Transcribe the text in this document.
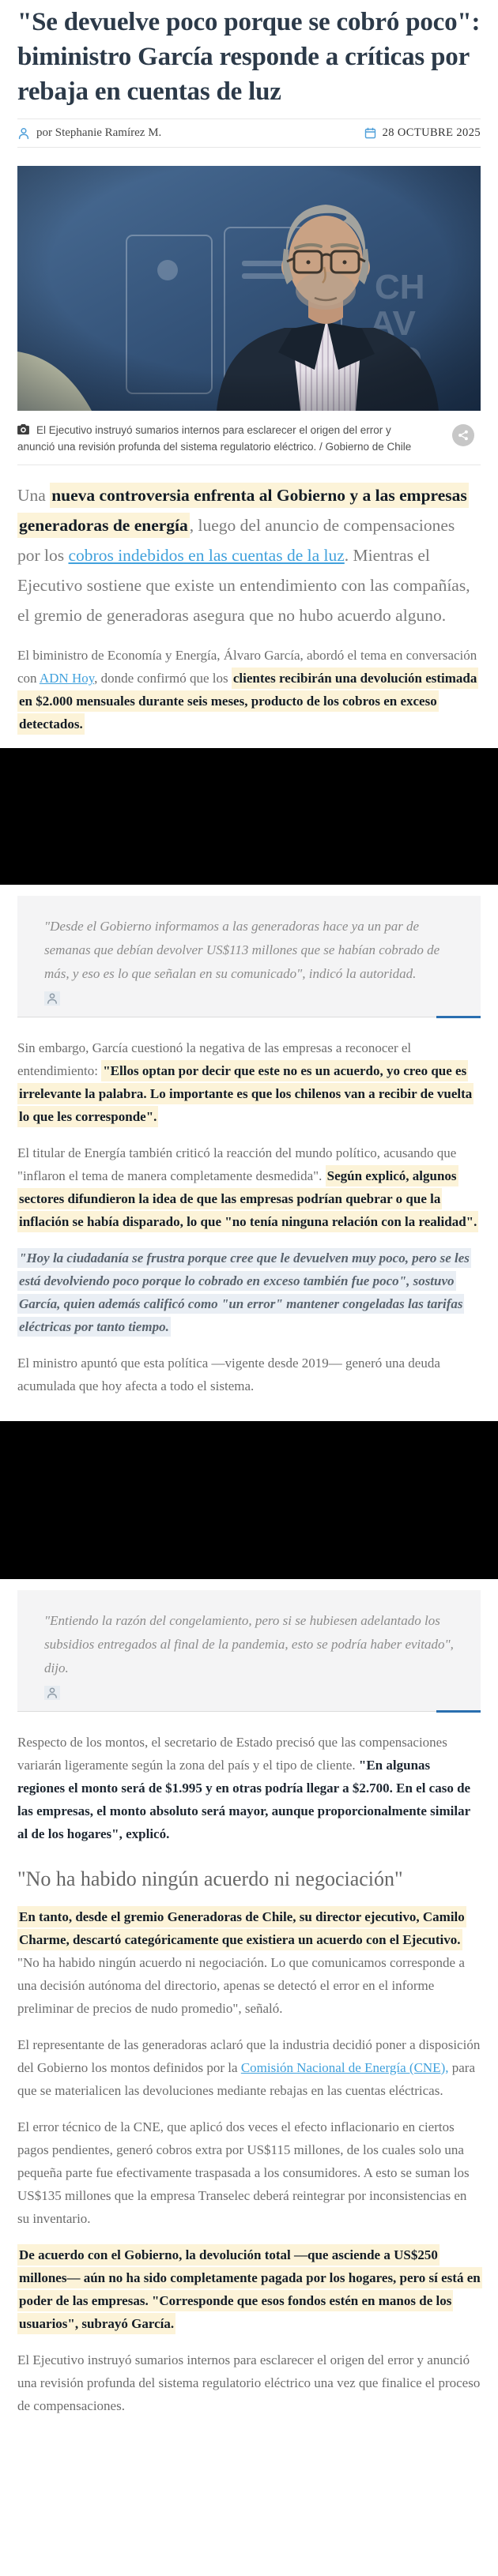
"Se devuelve poco porque se cobró poco": biministro García responde a críticas por rebaja en cuentas de luz
por Stephanie Ramírez M.	28 OCTUBRE 2025
El Ejecutivo instruyó sumarios internos para esclarecer el origen del error y anunció una revisión profunda del sistema regulatorio eléctrico. / Gobierno de Chile

Una nueva controversia enfrenta al Gobierno y a las empresas generadoras de energía, luego del anuncio de compensaciones por los cobros indebidos en las cuentas de la luz. Mientras el Ejecutivo sostiene que existe un entendimiento con las compañías, el gremio de generadoras asegura que no hubo acuerdo alguno.

El biministro de Economía y Energía, Álvaro García, abordó el tema en conversación con ADN Hoy, donde confirmó que los clientes recibirán una devolución estimada en $2.000 mensuales durante seis meses, producto de los cobros en exceso detectados.

"Desde el Gobierno informamos a las generadoras hace ya un par de semanas que debían devolver US$113 millones que se habían cobrado de más, y eso es lo que señalan en su comunicado", indicó la autoridad.

Sin embargo, García cuestionó la negativa de las empresas a reconocer el entendimiento: "Ellos optan por decir que este no es un acuerdo, yo creo que es irrelevante la palabra. Lo importante es que los chilenos van a recibir de vuelta lo que les corresponde".

El titular de Energía también criticó la reacción del mundo político, acusando que "inflaron el tema de manera completamente desmedida". Según explicó, algunos sectores difundieron la idea de que las empresas podrían quebrar o que la inflación se había disparado, lo que "no tenía ninguna relación con la realidad".

"Hoy la ciudadanía se frustra porque cree que le devuelven muy poco, pero se les está devolviendo poco porque lo cobrado en exceso también fue poco", sostuvo García, quien además calificó como "un error" mantener congeladas las tarifas eléctricas por tanto tiempo.

El ministro apuntó que esta política —vigente desde 2019— generó una deuda acumulada que hoy afecta a todo el sistema.

"Entiendo la razón del congelamiento, pero si se hubiesen adelantado los subsidios entregados al final de la pandemia, esto se podría haber evitado", dijo.

Respecto de los montos, el secretario de Estado precisó que las compensaciones variarán ligeramente según la zona del país y el tipo de cliente. "En algunas regiones el monto será de $1.995 y en otras podría llegar a $2.700. En el caso de las empresas, el monto absoluto será mayor, aunque proporcionalmente similar al de los hogares", explicó.

"No ha habido ningún acuerdo ni negociación"

En tanto, desde el gremio Generadoras de Chile, su director ejecutivo, Camilo Charme, descartó categóricamente que existiera un acuerdo con el Ejecutivo. "No ha habido ningún acuerdo ni negociación. Lo que comunicamos corresponde a una decisión autónoma del directorio, apenas se detectó el error en el informe preliminar de precios de nudo promedio", señaló.

El representante de las generadoras aclaró que la industria decidió poner a disposición del Gobierno los montos definidos por la Comisión Nacional de Energía (CNE), para que se materialicen las devoluciones mediante rebajas en las cuentas eléctricas.

El error técnico de la CNE, que aplicó dos veces el efecto inflacionario en ciertos pagos pendientes, generó cobros extra por US$115 millones, de los cuales solo una pequeña parte fue efectivamente traspasada a los consumidores. A esto se suman los US$135 millones que la empresa Transelec deberá reintegrar por inconsistencias en su inventario.

De acuerdo con el Gobierno, la devolución total —que asciende a US$250 millones— aún no ha sido completamente pagada por los hogares, pero sí está en poder de las empresas. "Corresponde que esos fondos estén en manos de los usuarios", subrayó García.

El Ejecutivo instruyó sumarios internos para esclarecer el origen del error y anunció una revisión profunda del sistema regulatorio eléctrico una vez que finalice el proceso de compensaciones.
